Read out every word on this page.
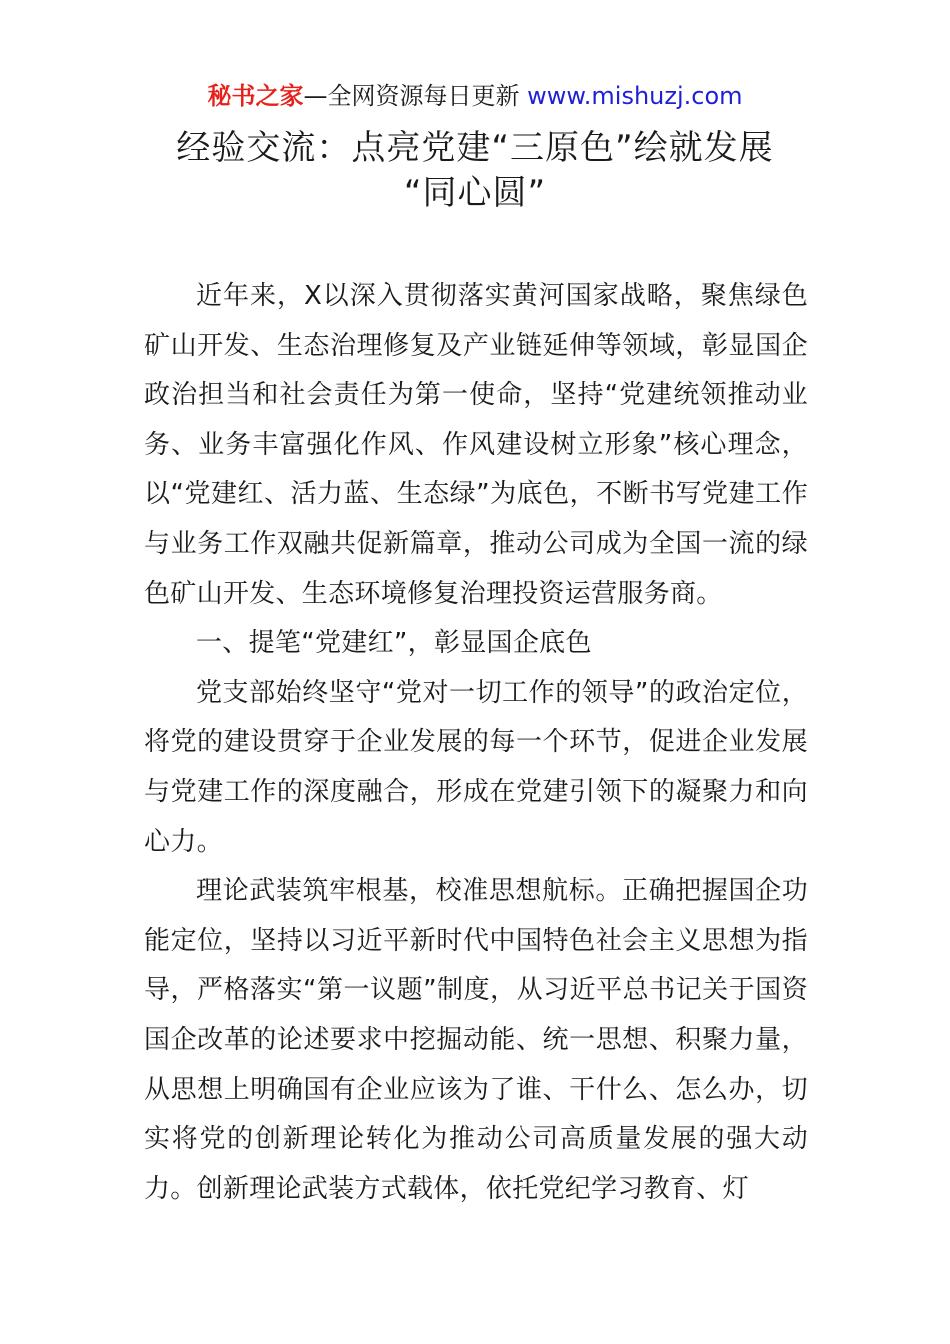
秘书之家—全网资源每日更新 www.mishuzj.com
经验交流：点亮党建“三原色”绘就发展
“同心圆”

近年来，X以深入贯彻落实黄河国家战略，聚焦绿色矿山开发、生态治理修复及产业链延伸等领域，彰显国企政治担当和社会责任为第一使命，坚持“党建统领推动业务、业务丰富强化作风、作风建设树立形象”核心理念，以“党建红、活力蓝、生态绿”为底色，不断书写党建工作与业务工作双融共促新篇章，推动公司成为全国一流的绿色矿山开发、生态环境修复治理投资运营服务商。

一、提笔“党建红”，彰显国企底色

党支部始终坚守“党对一切工作的领导”的政治定位，将党的建设贯穿于企业发展的每一个环节，促进企业发展与党建工作的深度融合，形成在党建引领下的凝聚力和向心力。

理论武装筑牢根基，校准思想航标。正确把握国企功能定位，坚持以习近平新时代中国特色社会主义思想为指导，严格落实“第一议题”制度，从习近平总书记关于国资国企改革的论述要求中挖掘动能、统一思想、积聚力量，从思想上明确国有企业应该为了谁、干什么、怎么办，切实将党的创新理论转化为推动公司高质量发展的强大动力。创新理论武装方式载体，依托党纪学习教育、灯
